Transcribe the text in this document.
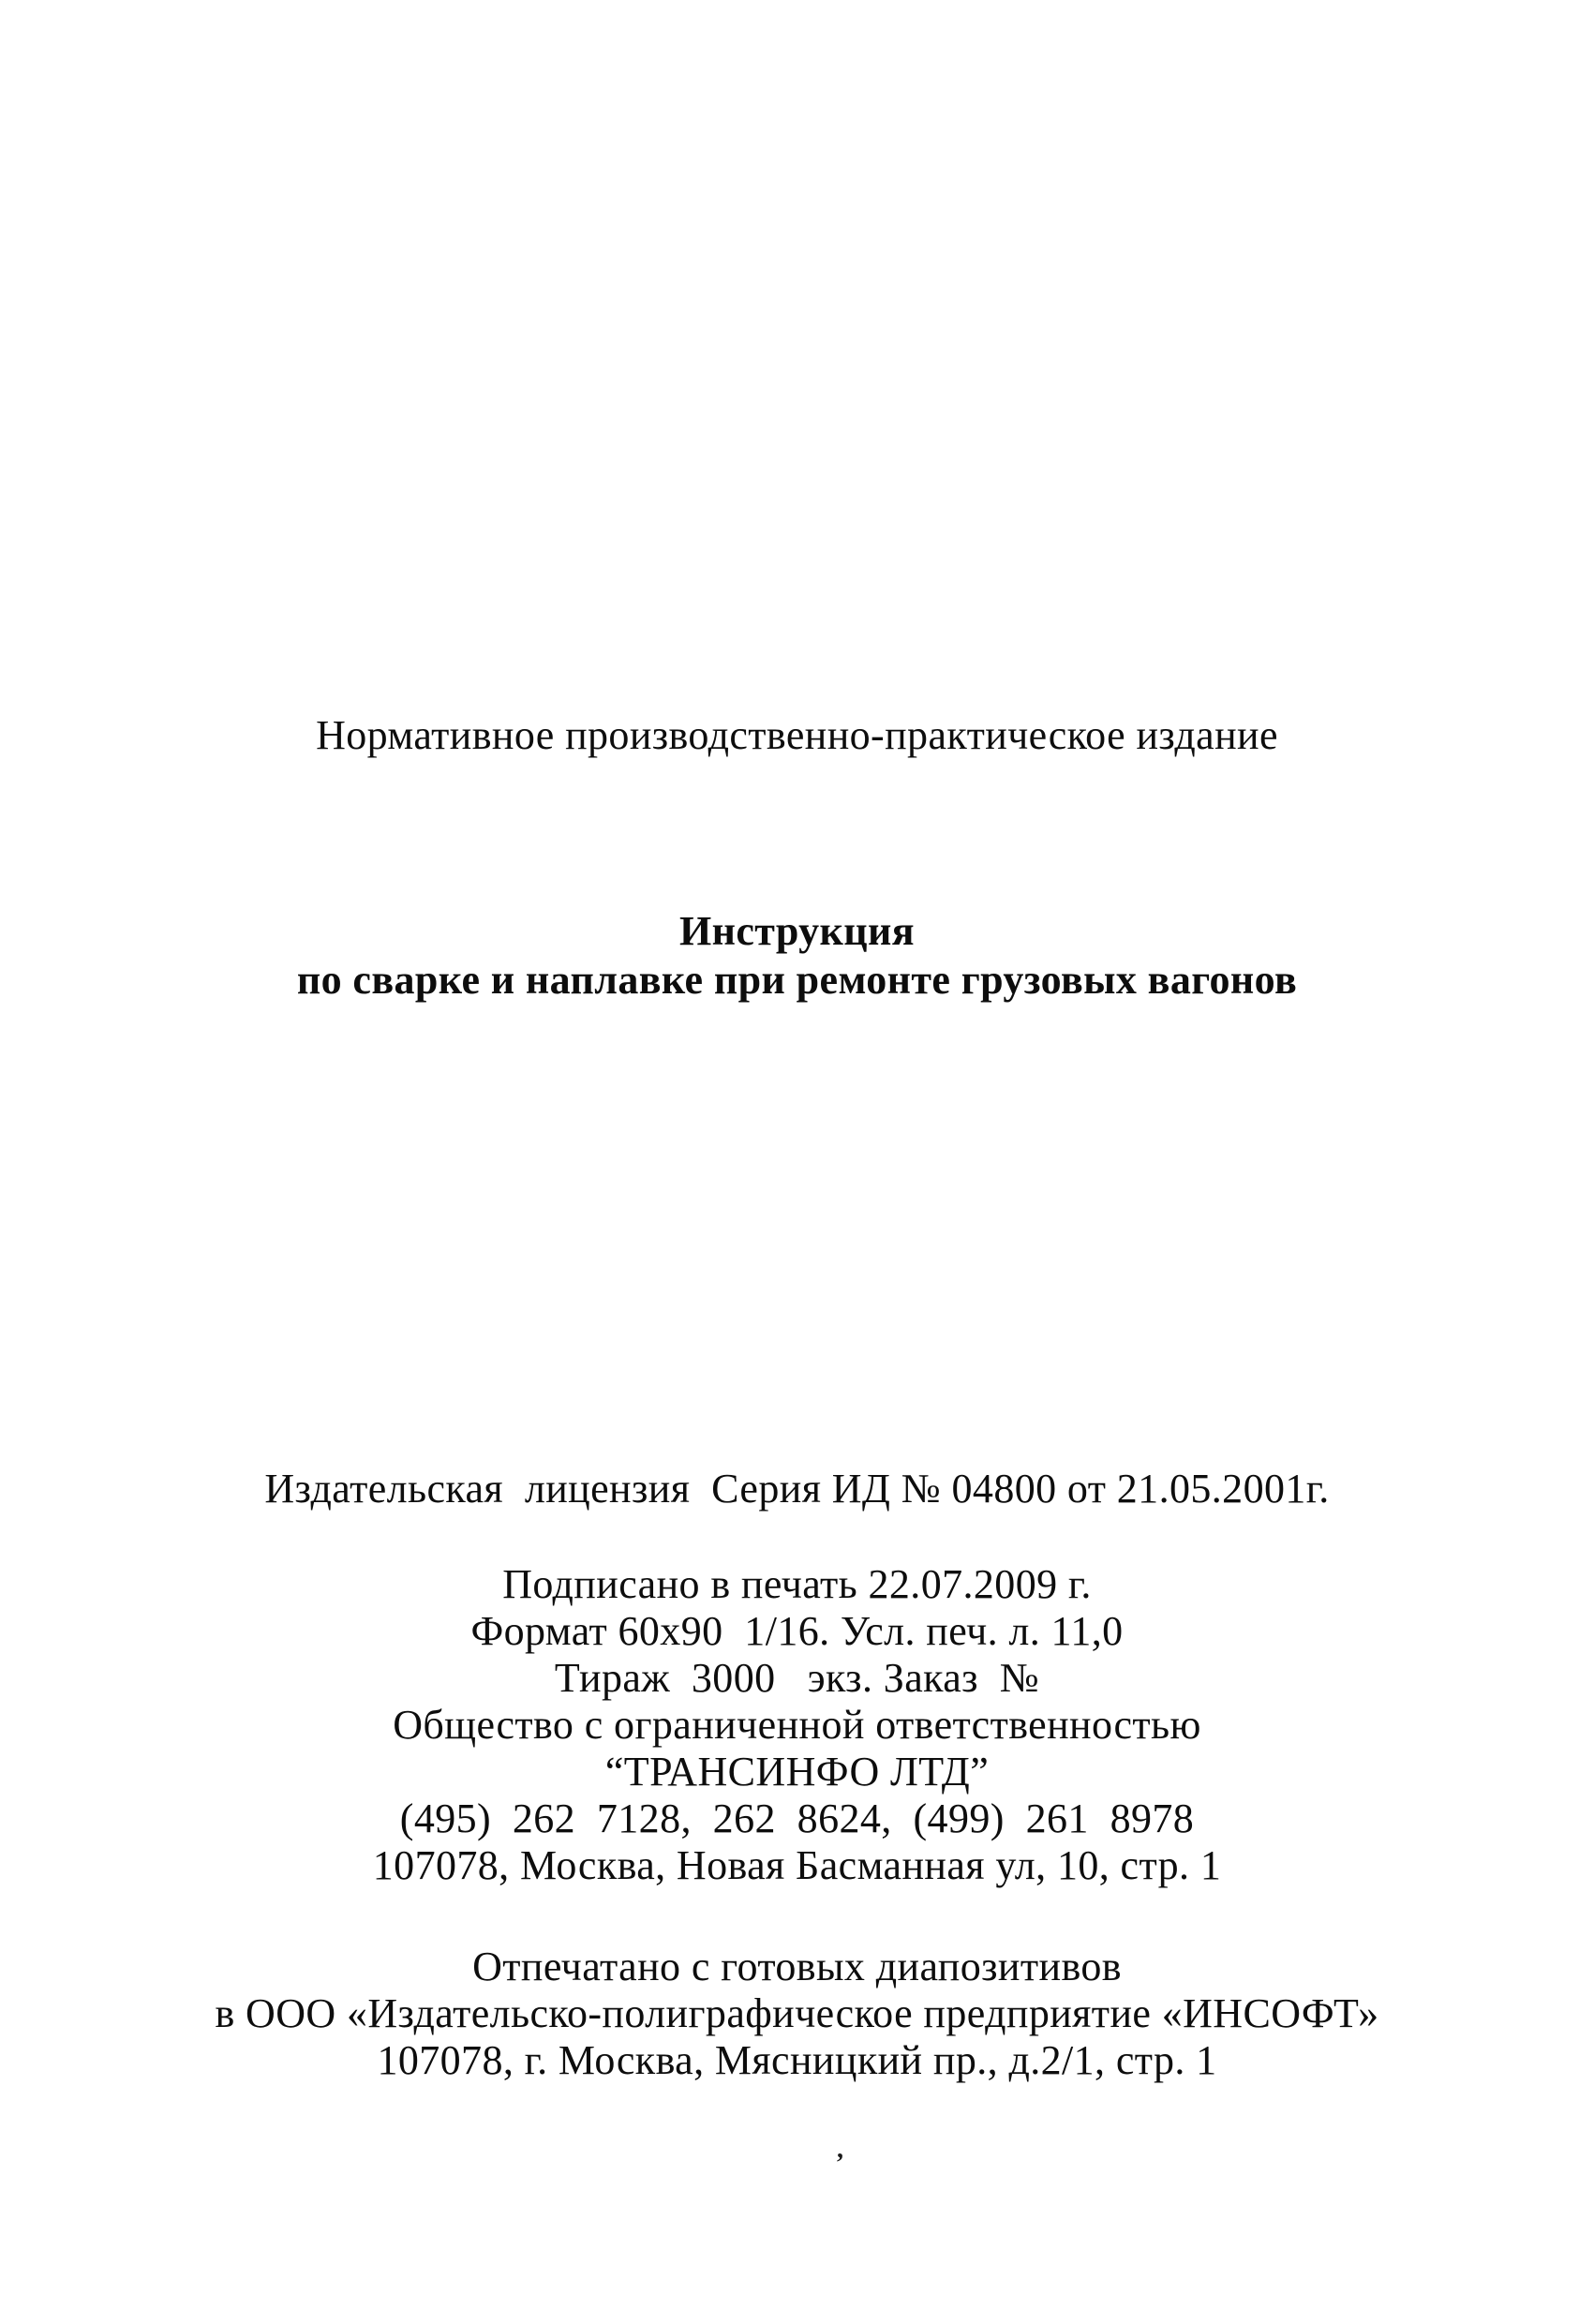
Нормативное производственно-практическое издание
Инструкция
по сварке и наплавке при ремонте грузовых вагонов
Издательская  лицензия  Серия ИД № 04800 от 21.05.2001г.
Подписано в печать 22.07.2009 г.
Формат 60х90  1/16. Усл. печ. л. 11,0
Тираж  3000   экз. Заказ  №
Общество с ограниченной ответственностью
“ТРАНСИНФО ЛТД”
(495)  262  7128,  262  8624,  (499)  261  8978
107078, Москва, Новая Басманная ул, 10, стр. 1
Отпечатано с готовых диапозитивов
в ООО «Издательско-полиграфическое предприятие «ИНСОФТ»
107078, г. Москва, Мясницкий пр., д.2/1, стр. 1
,
